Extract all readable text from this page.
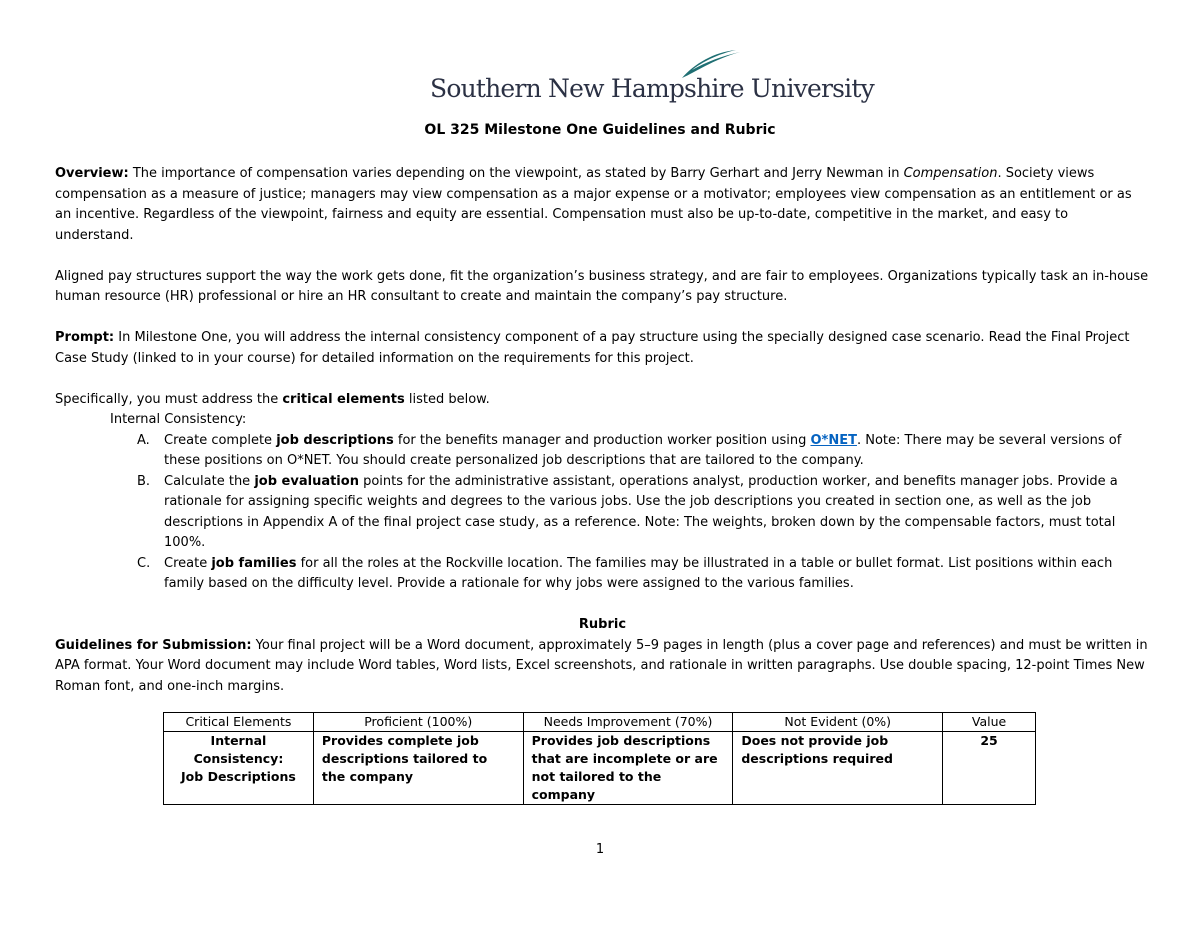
Southern New Hampshire University
OL 325 Milestone One Guidelines and Rubric

Overview: The importance of compensation varies depending on the viewpoint, as stated by Barry Gerhart and Jerry Newman in Compensation. Society views compensation as a measure of justice; managers may view compensation as a major expense or a motivator; employees view compensation as an entitlement or as an incentive. Regardless of the viewpoint, fairness and equity are essential. Compensation must also be up-to-date, competitive in the market, and easy to understand.

Aligned pay structures support the way the work gets done, fit the organization’s business strategy, and are fair to employees. Organizations typically task an in-house human resource (HR) professional or hire an HR consultant to create and maintain the company’s pay structure.

Prompt: In Milestone One, you will address the internal consistency component of a pay structure using the specially designed case scenario. Read the Final Project Case Study (linked to in your course) for detailed information on the requirements for this project.

Specifically, you must address the critical elements listed below.

Internal Consistency:
A. Create complete job descriptions for the benefits manager and production worker position using O*NET. Note: There may be several versions of these positions on O*NET. You should create personalized job descriptions that are tailored to the company.
B. Calculate the job evaluation points for the administrative assistant, operations analyst, production worker, and benefits manager jobs. Provide a rationale for assigning specific weights and degrees to the various jobs. Use the job descriptions you created in section one, as well as the job descriptions in Appendix A of the final project case study, as a reference. Note: The weights, broken down by the compensable factors, must total 100%.
C. Create job families for all the roles at the Rockville location. The families may be illustrated in a table or bullet format. List positions within each family based on the difficulty level. Provide a rationale for why jobs were assigned to the various families.
Rubric

Guidelines for Submission: Your final project will be a Word document, approximately 5–9 pages in length (plus a cover page and references) and must be written in APA format. Your Word document may include Word tables, Word lists, Excel screenshots, and rationale in written paragraphs. Use double spacing, 12-point Times New Roman font, and one-inch margins.

Critical Elements	Proficient (100%)	Needs Improvement (70%)	Not Evident (0%)	Value

Internal Consistency:
Job Descriptions	Provides complete job descriptions tailored to the company	Provides job descriptions that are incomplete or are not tailored to the company	Does not provide job descriptions required	25
1
